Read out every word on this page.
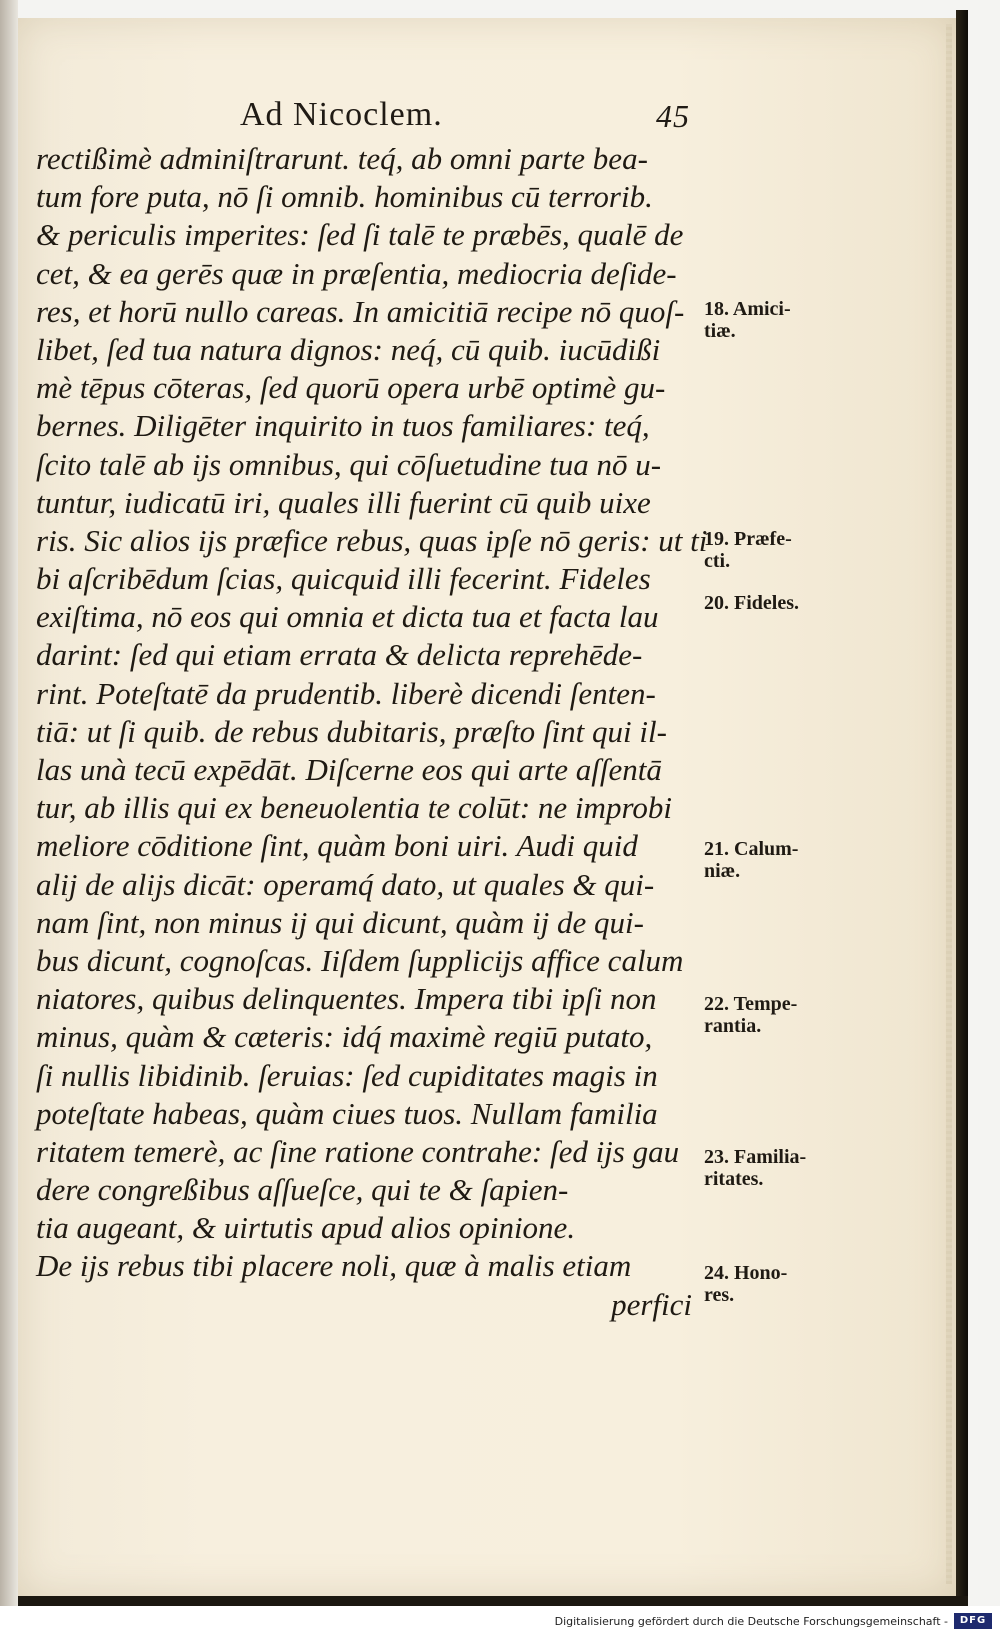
Ad Nicoclem.	45
rectißimè adminiſtrarunt. teq́, ab omni parte bea-
tum fore puta, nō ſi omnib. hominibus cū terrorib.
& periculis imperites: ſed ſi talē te præbēs, qualē de
cet, & ea gerēs quæ in præſentia, mediocria deſide-
res, et horū nullo careas. In amicitiā recipe nō quoſ-
libet, ſed tua natura dignos: neq́, cū quib. iucūdißi
mè tēpus cōteras, ſed quorū opera urbē optimè gu-
bernes. Diligēter inquirito in tuos familiares: teq́,
ſcito talē ab ijs omnibus, qui cōſuetudine tua nō u-
tuntur, iudicatū iri, quales illi fuerint cū quib uixe
ris. Sic alios ijs præfice rebus, quas ipſe nō geris: ut ti
bi aſcribēdum ſcias, quicquid illi fecerint. Fideles
exiſtima, nō eos qui omnia et dicta tua et facta lau
darint: ſed qui etiam errata & delicta reprehēde-
rint. Poteſtatē da prudentib. liberè dicendi ſenten-
tiā: ut ſi quib. de rebus dubitaris, præſto ſint qui il-
las unà tecū expēdāt. Diſcerne eos qui arte aſſentā
tur, ab illis qui ex beneuolentia te colūt: ne improbi
meliore cōditione ſint, quàm boni uiri. Audi quid
alij de alijs dicāt: operamq́ dato, ut quales & qui-
nam ſint, non minus ij qui dicunt, quàm ij de qui-
bus dicunt, cognoſcas. Iiſdem ſupplicijs affice calum
niatores, quibus delinquentes. Impera tibi ipſi non
minus, quàm & cæteris: idq́ maximè regiū putato,
ſi nullis libidinib. ſeruias: ſed cupiditates magis in
poteſtate habeas, quàm ciues tuos. Nullam familia
ritatem temerè, ac ſine ratione contrahe: ſed ijs gau
dere congreßibus aſſueſce, qui te & ſapien-
tia augeant, & uirtutis apud alios opinione.
De ijs rebus tibi placere noli, quæ à malis etiam
perfici
18. Amici-
tiæ.
19. Præfe-
cti.
20. Fideles.
21. Calum-
niæ.
22. Tempe-
rantia.
23. Familia-
ritates.
24. Hono-
res.
Digitalisierung gefördert durch die Deutsche Forschungsgemeinschaft -	DFG
